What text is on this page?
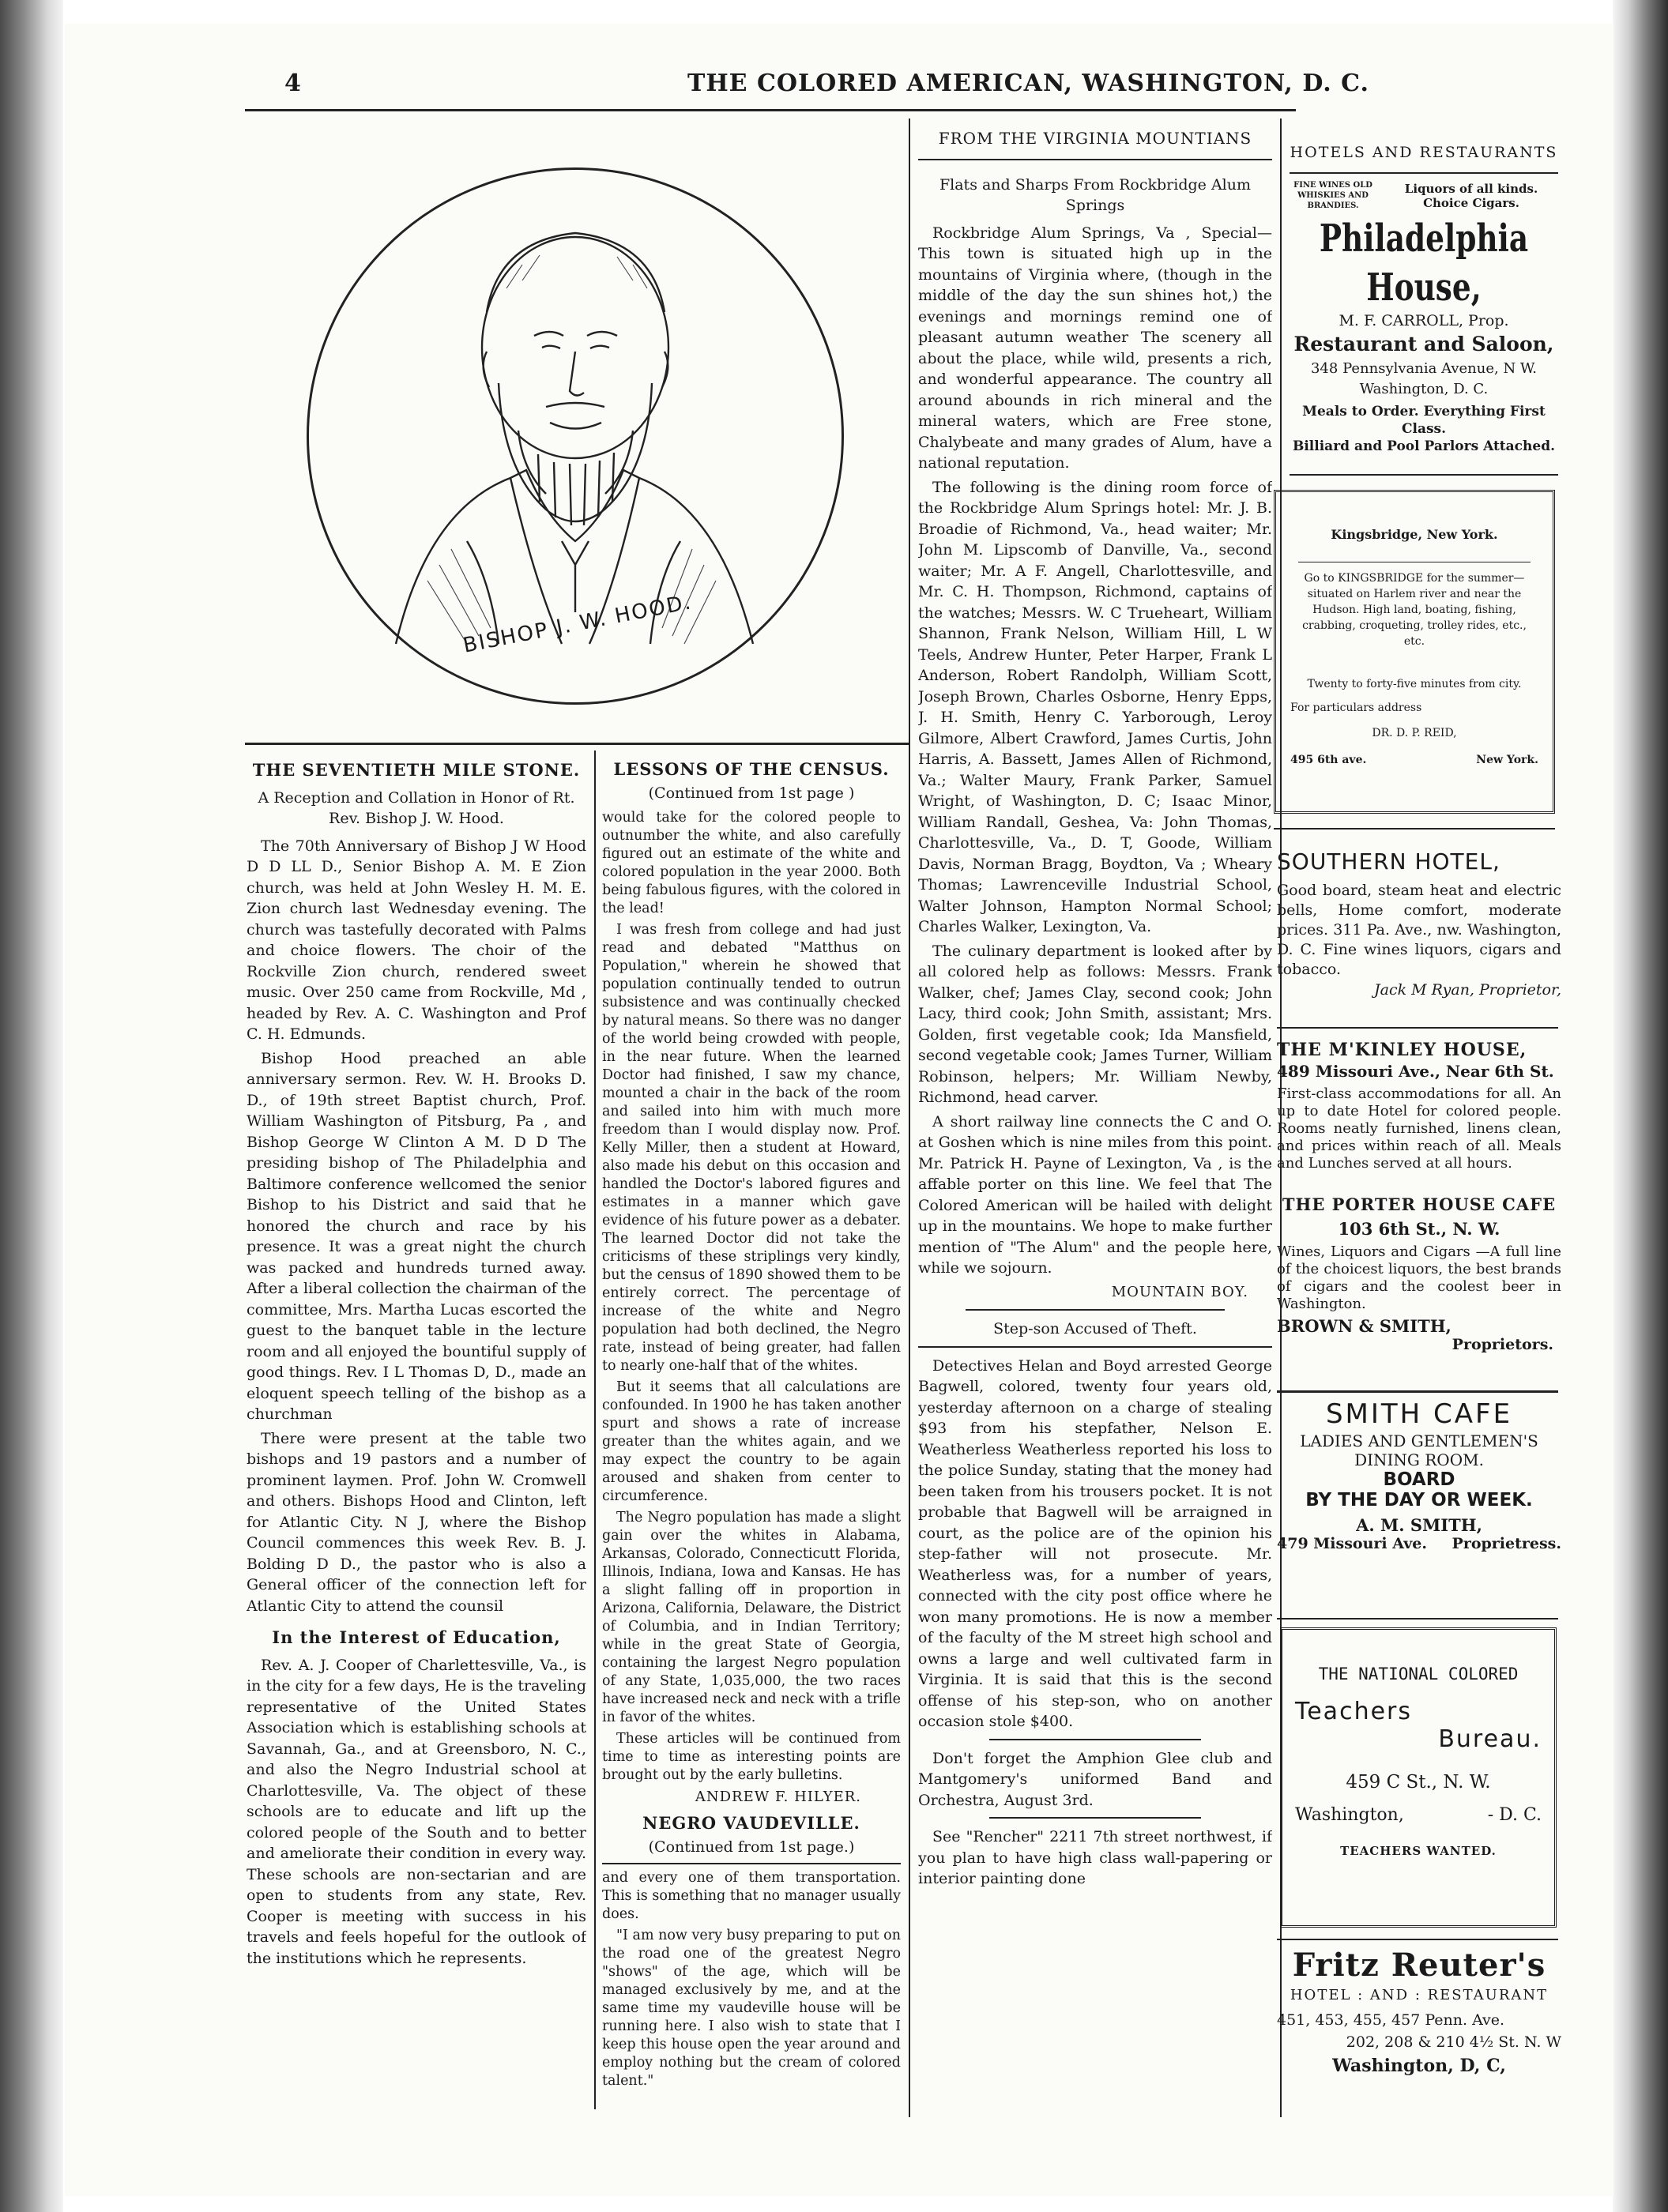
4	THE COLORED AMERICAN, WASHINGTON, D. C.
BISHOP J. W. HOOD.
THE SEVENTIETH MILE STONE.
A Reception and Collation in Honor of Rt. Rev. Bishop J. W. Hood.

The 70th Anniversary of Bishop J W Hood D D LL D., Senior Bishop A. M. E Zion church, was held at John Wesley H. M. E. Zion church last Wednesday evening. The church was tastefully decorated with Palms and choice flowers. The choir of the Rockville Zion church, rendered sweet music. Over 250 came from Rockville, Md , headed by Rev. A. C. Washington and Prof C. H. Edmunds.

Bishop Hood preached an able anniversary sermon. Rev. W. H. Brooks D. D., of 19th street Baptist church, Prof. William Washington of Pitsburg, Pa , and Bishop George W Clinton A M. D D The presiding bishop of The Philadelphia and Baltimore conference wellcomed the senior Bishop to his District and said that he honored the church and race by his presence. It was a great night the church was packed and hundreds turned away. After a liberal collection the chairman of the committee, Mrs. Martha Lucas escorted the guest to the banquet table in the lecture room and all enjoyed the bountiful supply of good things. Rev. I L Thomas D, D., made an eloquent speech telling of the bishop as a churchman

There were present at the table two bishops and 19 pastors and a number of prominent laymen. Prof. John W. Cromwell and others. Bishops Hood and Clinton, left for Atlantic City. N J, where the Bishop Council commences this week Rev. B. J. Bolding D D., the pastor who is also a General officer of the connection left for Atlantic City to attend the counsil

In the Interest of Education,

Rev. A. J. Cooper of Charlettesville, Va., is in the city for a few days, He is the traveling representative of the United States Association which is establishing schools at Savannah, Ga., and at Greensboro, N. C., and also the Negro Industrial school at Charlottesville, Va. The object of these schools are to educate and lift up the colored people of the South and to better and ameliorate their condition in every way. These schools are non-sectarian and are open to students from any state, Rev. Cooper is meeting with success in his travels and feels hopeful for the outlook of the institutions which he represents.

LESSONS OF THE CENSUS.
(Continued from 1st page )

would take for the colored people to outnumber the white, and also carefully figured out an estimate of the white and colored population in the year 2000. Both being fabulous figures, with the colored in the lead!

I was fresh from college and had just read and debated "Matthus on Population," wherein he showed that population continually tended to outrun subsistence and was continually checked by natural means. So there was no danger of the world being crowded with people, in the near future. When the learned Doctor had finished, I saw my chance, mounted a chair in the back of the room and sailed into him with much more freedom than I would display now. Prof. Kelly Miller, then a student at Howard, also made his debut on this occasion and handled the Doctor's labored figures and estimates in a manner which gave evidence of his future power as a debater. The learned Doctor did not take the criticisms of these striplings very kindly, but the census of 1890 showed them to be entirely correct. The percentage of increase of the white and Negro population had both declined, the Negro rate, instead of being greater, had fallen to nearly one-half that of the whites.

But it seems that all calculations are confounded. In 1900 he has taken another spurt and shows a rate of increase greater than the whites again, and we may expect the country to be again aroused and shaken from center to circumference.

The Negro population has made a slight gain over the whites in Alabama, Arkansas, Colorado, Connecticutt Florida, Illinois, Indiana, Iowa and Kansas. He has a slight falling off in proportion in Arizona, California, Delaware, the District of Columbia, and in Indian Territory; while in the great State of Georgia, containing the largest Negro population of any State, 1,035,000, the two races have increased neck and neck with a trifle in favor of the whites.

These articles will be continued from time to time as interesting points are brought out by the early bulletins.

ANDREW F. HILYER.
NEGRO VAUDEVILLE.
(Continued from 1st page.)

and every one of them transportation. This is something that no manager usually does.

"I am now very busy preparing to put on the road one of the greatest Negro "shows" of the age, which will be managed exclusively by me, and at the same time my vaudeville house will be running here. I also wish to state that I keep this house open the year around and employ nothing but the cream of colored talent."

FROM THE VIRGINIA MOUNTIANS
Flats and Sharps From Rockbridge Alum Springs

Rockbridge Alum Springs, Va , Special—This town is situated high up in the mountains of Virginia where, (though in the middle of the day the sun shines hot,) the evenings and mornings remind one of pleasant autumn weather The scenery all about the place, while wild, presents a rich, and wonderful appearance. The country all around abounds in rich mineral and the mineral waters, which are Free stone, Chalybeate and many grades of Alum, have a national reputation.

The following is the dining room force of the Rockbridge Alum Springs hotel: Mr. J. B. Broadie of Richmond, Va., head waiter; Mr. John M. Lipscomb of Danville, Va., second waiter; Mr. A F. Angell, Charlottesville, and Mr. C. H. Thompson, Richmond, captains of the watches; Messrs. W. C Trueheart, William Shannon, Frank Nelson, William Hill, L W Teels, Andrew Hunter, Peter Harper, Frank L Anderson, Robert Randolph, William Scott, Joseph Brown, Charles Osborne, Henry Epps, J. H. Smith, Henry C. Yarborough, Leroy Gilmore, Albert Crawford, James Curtis, John Harris, A. Bassett, James Allen of Richmond, Va.; Walter Maury, Frank Parker, Samuel Wright, of Washington, D. C; Isaac Minor, William Randall, Geshea, Va: John Thomas, Charlottesville, Va., D. T, Goode, William Davis, Norman Bragg, Boydton, Va ; Wheary Thomas; Lawrenceville Industrial School, Walter Johnson, Hampton Normal School; Charles Walker, Lexington, Va.

The culinary department is looked after by all colored help as follows: Messrs. Frank Walker, chef; James Clay, second cook; John Lacy, third cook; John Smith, assistant; Mrs. Golden, first vegetable cook; Ida Mansfield, second vegetable cook; James Turner, William Robinson, helpers; Mr. William Newby, Richmond, head carver.

A short railway line connects the C and O. at Goshen which is nine miles from this point. Mr. Patrick H. Payne of Lexington, Va , is the affable porter on this line. We feel that The Colored American will be hailed with delight up in the mountains. We hope to make further mention of "The Alum" and the people here, while we sojourn.

MOUNTAIN BOY.
Step-son Accused of Theft.

Detectives Helan and Boyd arrested George Bagwell, colored, twenty four years old, yesterday afternoon on a charge of stealing $93 from his stepfather, Nelson E. Weatherless Weatherless reported his loss to the police Sunday, stating that the money had been taken from his trousers pocket. It is not probable that Bagwell will be arraigned in court, as the police are of the opinion his step-father will not prosecute. Mr. Weatherless was, for a number of years, connected with the city post office where he won many promotions. He is now a member of the faculty of the M street high school and owns a large and well cultivated farm in Virginia. It is said that this is the second offense of his step-son, who on another occasion stole $400.

Don't forget the Amphion Glee club and Mantgomery's uniformed Band and Orchestra, August 3rd.

See "Rencher" 2211 7th street northwest, if you plan to have high class wall-papering or interior painting done

HOTELS AND RESTAURANTS
FINE WINES OLD WHISKIES AND BRANDIES.
Liquors of all kinds. Choice Cigars.
Philadelphia House,
M. F. CARROLL, Prop.
Restaurant and Saloon,
348 Pennsylvania Avenue, N W. Washington, D. C.
Meals to Order. Everything First Class.
Billiard and Pool Parlors Attached.
Kingsbridge, New York.
Go to KINGSBRIDGE for the summer—situated on Harlem river and near the Hudson. High land, boating, fishing, crabbing, croqueting, trolley rides, etc., etc.
Twenty to forty-five minutes from city.
For particulars address
DR. D. P. REID,
495 6th ave.	New York.
SOUTHERN HOTEL,
Good board, steam heat and electric bells, Home comfort, moderate prices. 311 Pa. Ave., nw. Washington, D. C. Fine wines liquors, cigars and tobacco.
Jack M Ryan, Proprietor,
THE M'KINLEY HOUSE,
489 Missouri Ave., Near 6th St.
First-class accommodations for all. An up to date Hotel for colored people. Rooms neatly furnished, linens clean, and prices within reach of all. Meals and Lunches served at all hours.
THE PORTER HOUSE CAFE
103 6th St., N. W.
Wines, Liquors and Cigars —A full line of the choicest liquors, the best brands of cigars and the coolest beer in Washington.
BROWN & SMITH,
Proprietors.
SMITH CAFE
LADIES AND GENTLEMEN'S
DINING ROOM.
BOARD
BY THE DAY OR WEEK.
A. M. SMITH,
479 Missouri Ave. Proprietress.
THE NATIONAL COLORED
Teachers
Bureau.
459 C St., N. W.
Washington,	- D. C.
TEACHERS WANTED.
Fritz Reuter's
HOTEL : AND : RESTAURANT
451, 453, 455, 457 Penn. Ave.
202, 208 & 210 4½ St. N. W
Washington, D, C,
